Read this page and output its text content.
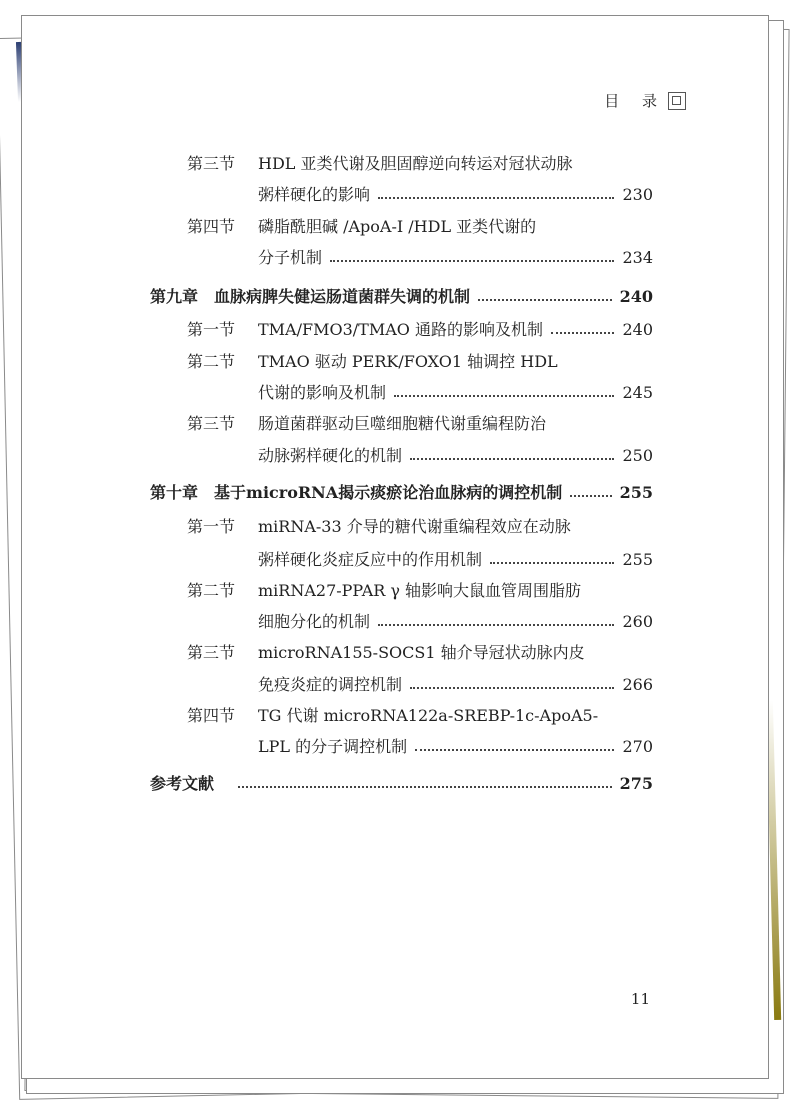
目 录
第三节 HDL 亚类代谢及胆固醇逆向转运对冠状动脉
粥样硬化的影响	230
第四节 磷脂酰胆碱 /ApoA-Ⅰ /HDL 亚类代谢的
分子机制	234
第九章 血脉病脾失健运肠道菌群失调的机制	240
第一节 TMA/FMO3/TMAO 通路的影响及机制	240
第二节 TMAO 驱动 PERK/FOXO1 轴调控 HDL
代谢的影响及机制	245
第三节 肠道菌群驱动巨噬细胞糖代谢重编程防治
动脉粥样硬化的机制	250
第十章 基于microRNA揭示痰瘀论治血脉病的调控机制	255
第一节 miRNA-33 介导的糖代谢重编程效应在动脉
粥样硬化炎症反应中的作用机制	255
第二节 miRNA27-PPAR γ 轴影响大鼠血管周围脂肪
细胞分化的机制	260
第三节 microRNA155-SOCS1 轴介导冠状动脉内皮
免疫炎症的调控机制	266
第四节 TG 代谢 microRNA122a-SREBP-1c-ApoA5-
LPL 的分子调控机制	270
参考文献	275
11
